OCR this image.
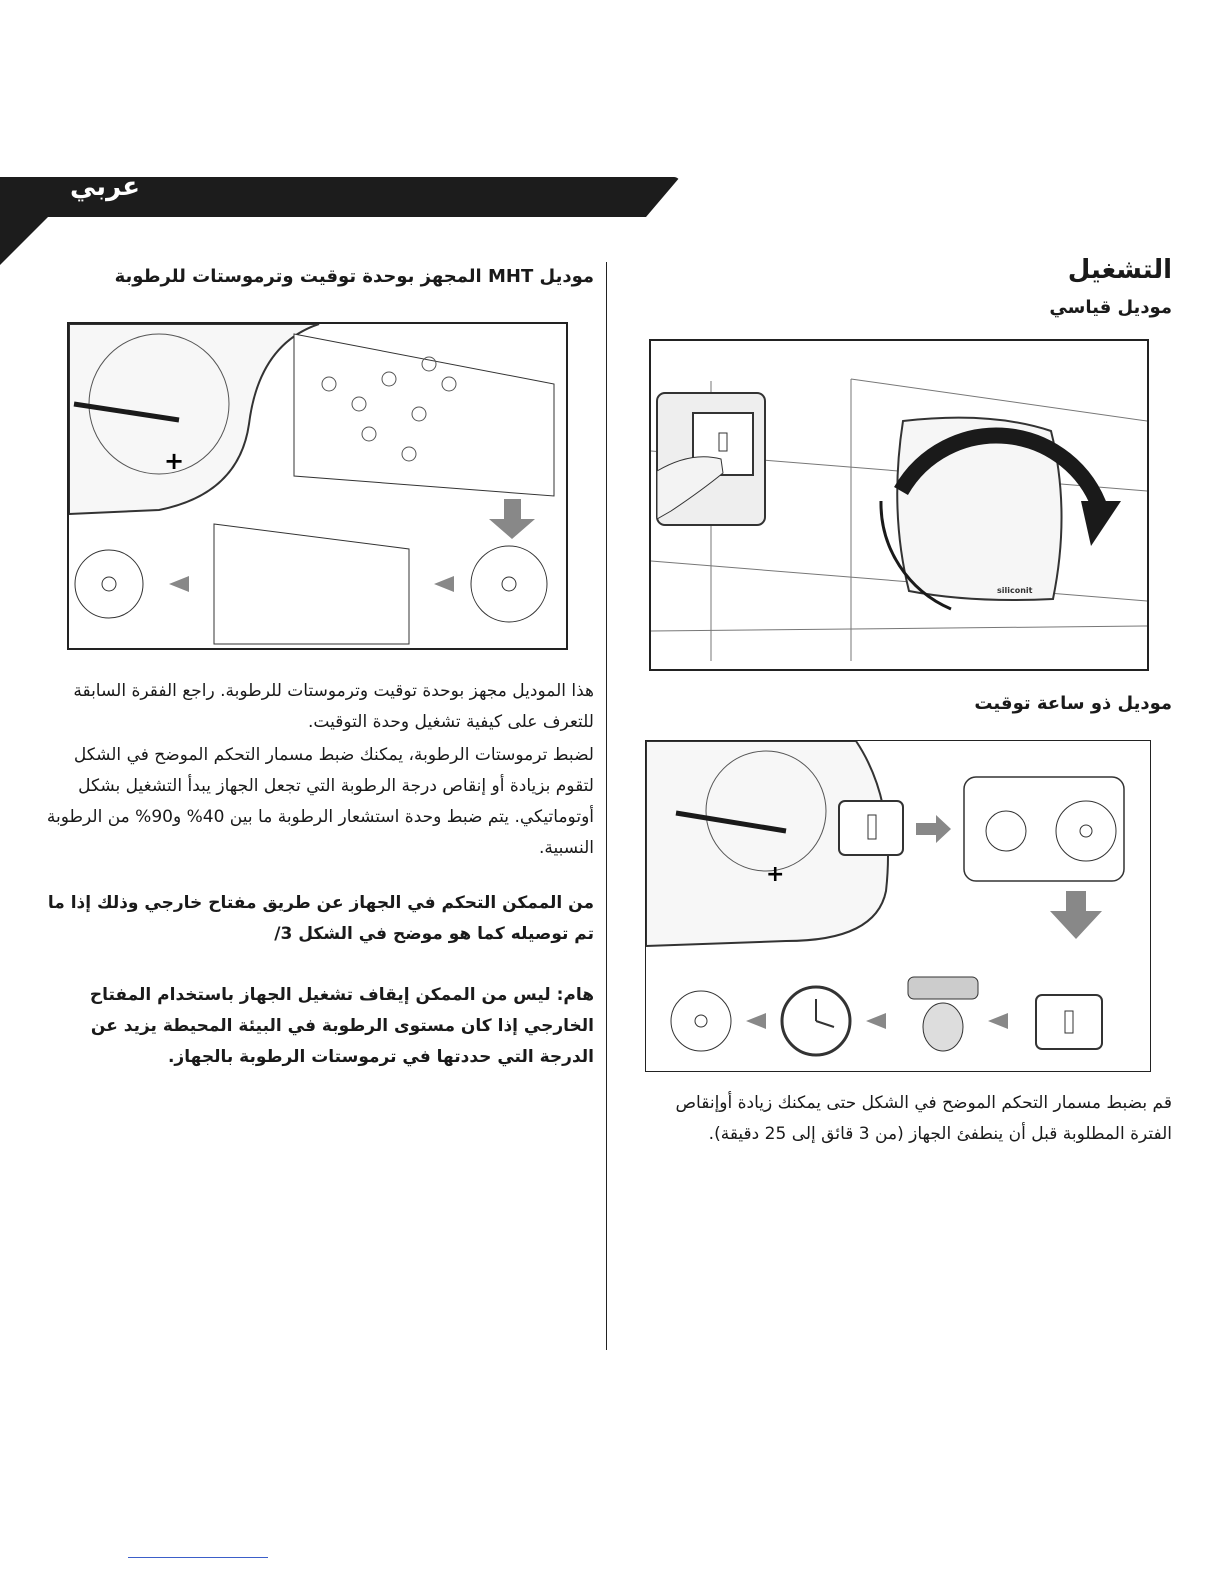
عربي
التشغيل
موديل قياسي
siliconit
موديل ذو ساعة توقيت
+
قم بضبط مسمار التحكم الموضح في الشكل حتى يمكنك زيادة أوإنقاص الفترة المطلوبة قبل أن ينطفئ الجهاز (من 3 قائق إلى 25 دقيقة).
موديل MHT المجهز بوحدة توقيت وترموستات للرطوبة
+
هذا الموديل مجهز بوحدة توقيت وترموستات للرطوبة. راجع الفقرة السابقة للتعرف على كيفية تشغيل وحدة التوقيت.
لضبط ترموستات الرطوبة، يمكنك ضبط مسمار التحكم الموضح في الشكل لتقوم بزيادة أو إنقاص درجة الرطوبة التي تجعل الجهاز يبدأ التشغيل بشكل أوتوماتيكي. يتم ضبط وحدة استشعار الرطوبة ما بين 40% و90% من الرطوبة النسبية.
من الممكن التحكم في الجهاز عن طريق مفتاح خارجي وذلك إذا ما تم توصيله كما هو موضح في الشكل 3/
هام: ليس من الممكن إيقاف تشغيل الجهاز باستخدام المفتاح الخارجي إذا كان مستوى الرطوبة في البيئة المحيطة يزيد عن الدرجة التي حددتها في ترموستات الرطوبة بالجهاز.
